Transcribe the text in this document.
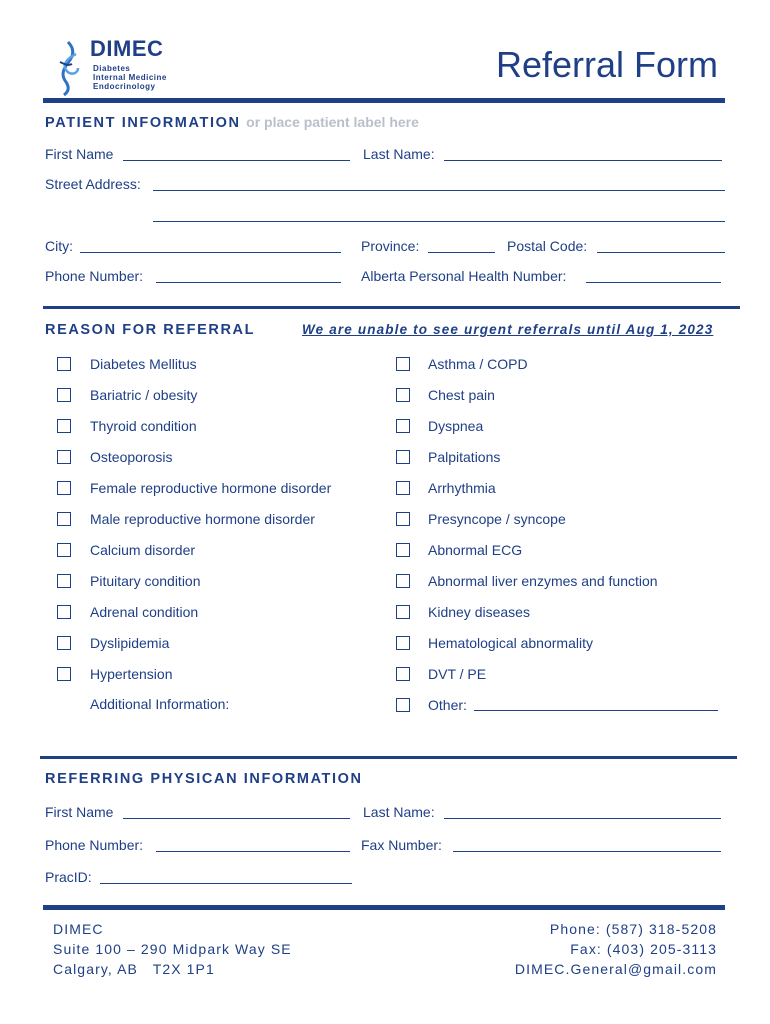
DIMEC
Diabetes
Internal Medicine
Endocrinology
Referral Form
PATIENT INFORMATION or place patient label here
First Name	Last Name:
Street Address:
City:	Province:	Postal Code:
Phone Number:	Alberta Personal Health Number:
REASON FOR REFERRAL	We are unable to see urgent referrals until Aug 1, 2023
Diabetes Mellitus
Bariatric / obesity
Thyroid condition
Osteoporosis
Female reproductive hormone disorder
Male reproductive hormone disorder
Calcium disorder
Pituitary condition
Adrenal condition
Dyslipidemia
Hypertension
Asthma / COPD
Chest pain
Dyspnea
Palpitations
Arrhythmia
Presyncope / syncope
Abnormal ECG
Abnormal liver enzymes and function
Kidney diseases
Hematological abnormality
DVT / PE
Other:
Additional Information:
REFERRING PHYSICAN INFORMATION
First Name	Last Name:
Phone Number:	Fax Number:
PracID:
DIMEC
Suite 100 – 290 Midpark Way SE
Calgary, AB   T2X 1P1
Phone: (587) 318-5208
Fax: (403) 205-3113
DIMEC.General@gmail.com
